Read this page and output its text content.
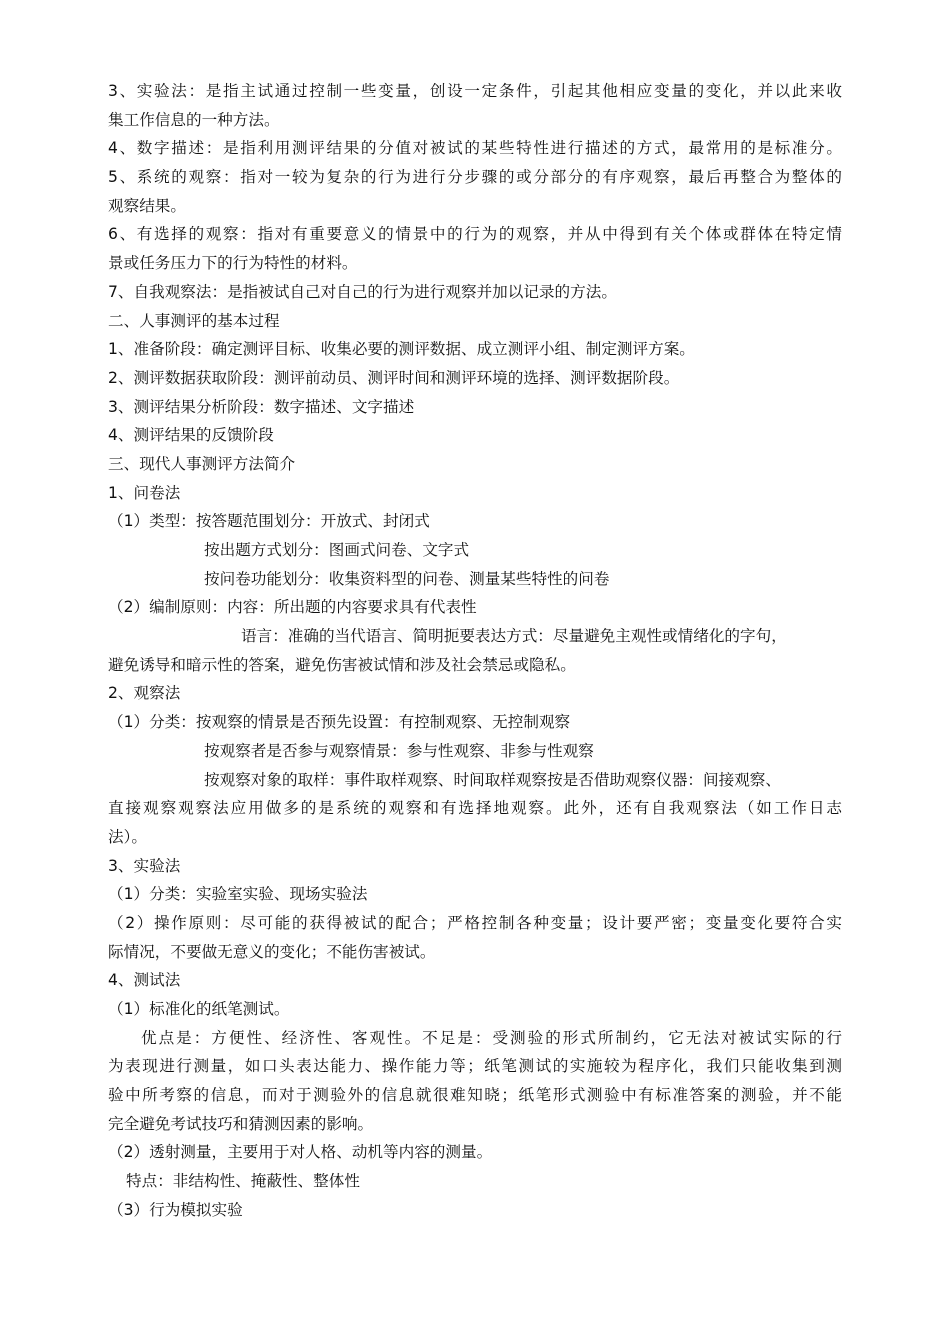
3、实验法：是指主试通过控制一些变量，创设一定条件，引起其他相应变量的变化，并以此来收
集工作信息的一种方法。
4、数字描述：是指利用测评结果的分值对被试的某些特性进行描述的方式，最常用的是标准分。
5、系统的观察：指对一较为复杂的行为进行分步骤的或分部分的有序观察，最后再整合为整体的
观察结果。
6、有选择的观察：指对有重要意义的情景中的行为的观察，并从中得到有关个体或群体在特定情
景或任务压力下的行为特性的材料。
7、自我观察法：是指被试自己对自己的行为进行观察并加以记录的方法。
二、人事测评的基本过程
1、准备阶段：确定测评目标、收集必要的测评数据、成立测评小组、制定测评方案。
2、测评数据获取阶段：测评前动员、测评时间和测评环境的选择、测评数据阶段。
3、测评结果分析阶段：数字描述、文字描述
4、测评结果的反馈阶段
三、现代人事测评方法简介
1、问卷法
（1）类型：按答题范围划分：开放式、封闭式
按出题方式划分：图画式问卷、文字式
按问卷功能划分：收集资料型的问卷、测量某些特性的问卷
（2）编制原则：内容：所出题的内容要求具有代表性
语言：准确的当代语言、简明扼要表达方式：尽量避免主观性或情绪化的字句，
避免诱导和暗示性的答案，避免伤害被试情和涉及社会禁忌或隐私。
2、观察法
（1）分类：按观察的情景是否预先设置：有控制观察、无控制观察
按观察者是否参与观察情景：参与性观察、非参与性观察
按观察对象的取样：事件取样观察、时间取样观察按是否借助观察仪器：间接观察、
直接观察观察法应用做多的是系统的观察和有选择地观察。此外，还有自我观察法（如工作日志
法）。
3、实验法
（1）分类：实验室实验、现场实验法
（2）操作原则：尽可能的获得被试的配合；严格控制各种变量；设计要严密；变量变化要符合实
际情况，不要做无意义的变化；不能伤害被试。
4、测试法
（1）标准化的纸笔测试。
优点是：方便性、经济性、客观性。不足是：受测验的形式所制约，它无法对被试实际的行
为表现进行测量，如口头表达能力、操作能力等；纸笔测试的实施较为程序化，我们只能收集到测
验中所考察的信息，而对于测验外的信息就很难知晓；纸笔形式测验中有标准答案的测验，并不能
完全避免考试技巧和猜测因素的影响。
（2）透射测量，主要用于对人格、动机等内容的测量。
特点：非结构性、掩蔽性、整体性
（3）行为模拟实验
